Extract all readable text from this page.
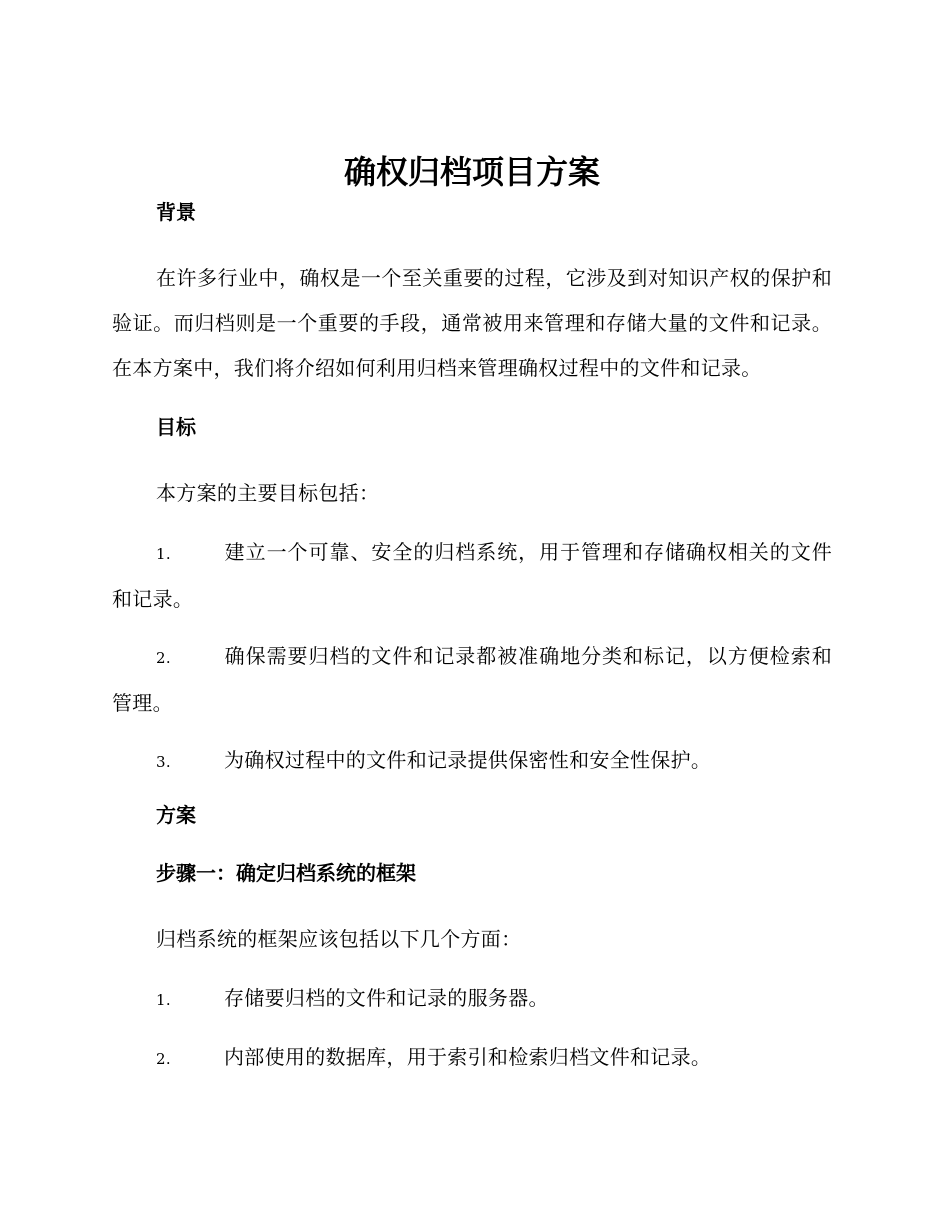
确权归档项目方案
背景

在许多行业中，确权是一个至关重要的过程，它涉及到对知识产权的保护和验证。而归档则是一个重要的手段，通常被用来管理和存储大量的文件和记录。在本方案中，我们将介绍如何利用归档来管理确权过程中的文件和记录。

目标

本方案的主要目标包括：

1.	建立一个可靠、安全的归档系统，用于管理和存储确权相关的文件和记录。

2.	确保需要归档的文件和记录都被准确地分类和标记，以方便检索和管理。

3.	为确权过程中的文件和记录提供保密性和安全性保护。

方案
步骤一：确定归档系统的框架

归档系统的框架应该包括以下几个方面：

1.	存储要归档的文件和记录的服务器。

2.	内部使用的数据库，用于索引和检索归档文件和记录。
